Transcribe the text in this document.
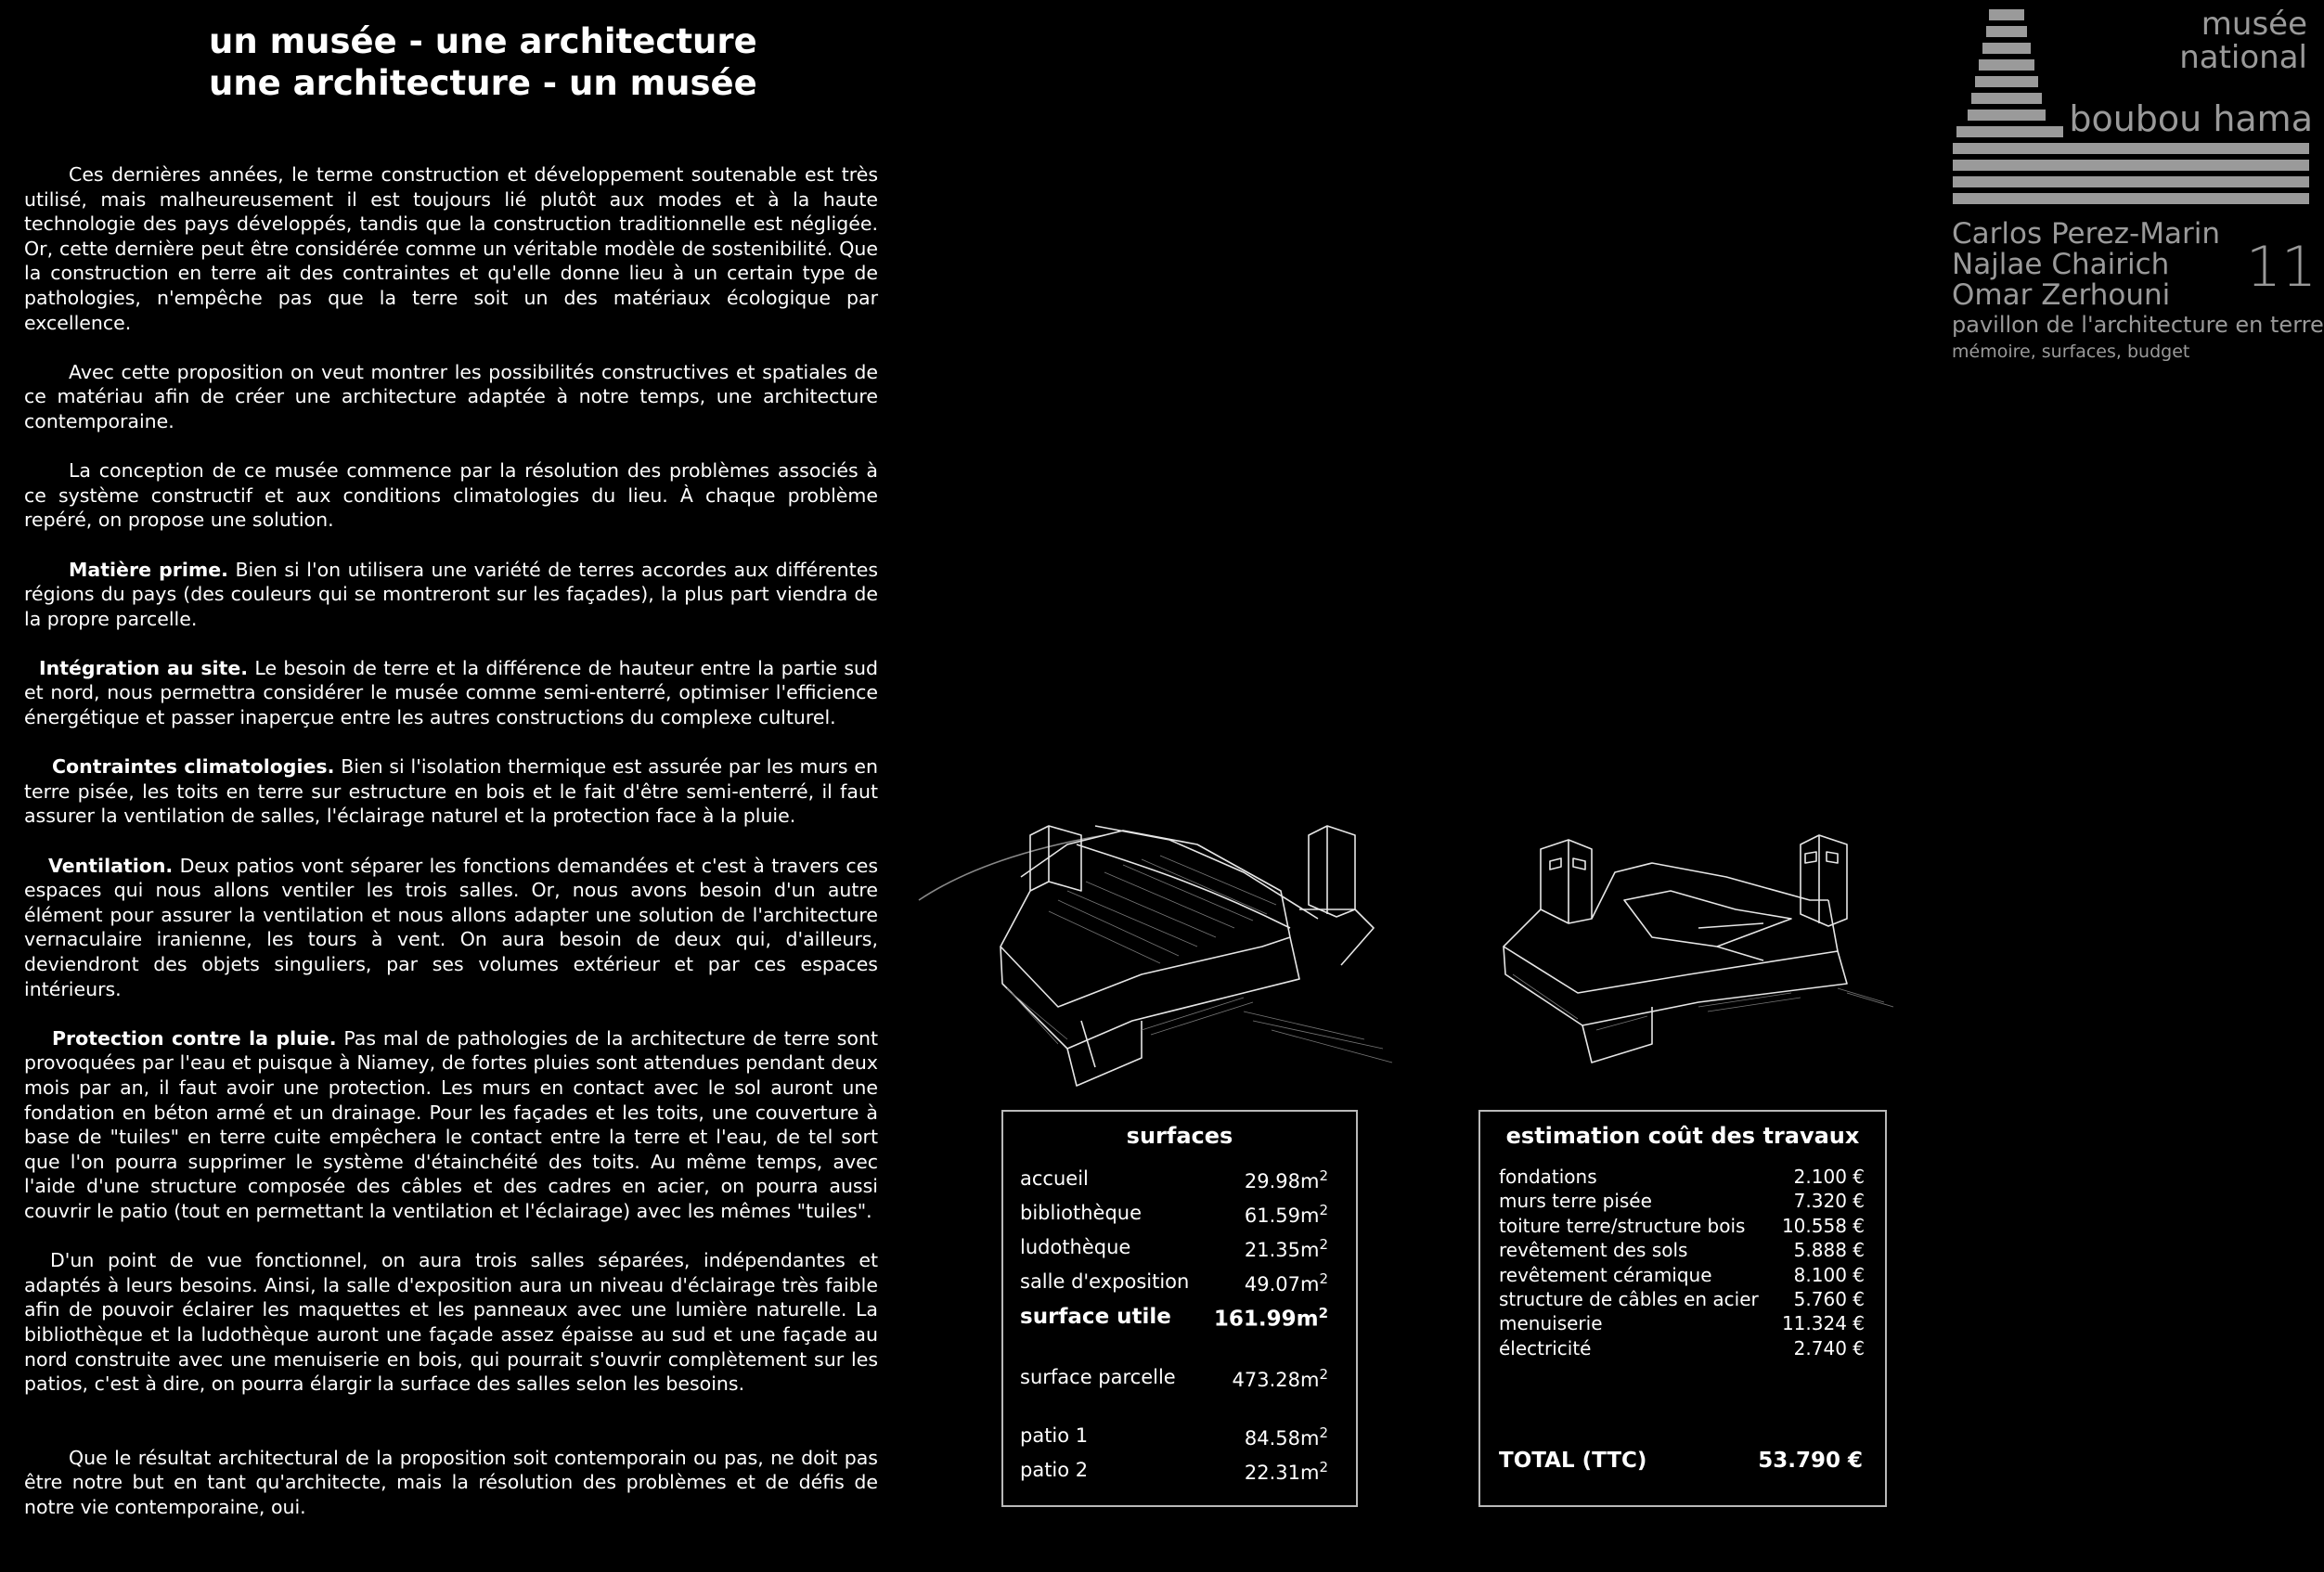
un musée - une architecture
une architecture - un musée

Ces dernières années, le terme construction et développement soutenable est très utilisé, mais malheureusement il est toujours lié plutôt aux modes et à la haute technologie des pays développés, tandis que la construction traditionnelle est négligée. Or, cette dernière peut être considérée comme un véritable modèle de sostenibilité. Que la construction en terre ait des contraintes et qu'elle donne lieu à un certain type de pathologies, n'empêche pas que la terre soit un des matériaux écologique par excellence.

Avec cette proposition on veut montrer les possibilités constructives et spatiales de ce matériau afin de créer une architecture adaptée à notre temps, une architecture contemporaine.

La conception de ce musée commence par la résolution des problèmes associés à ce système constructif et aux conditions climatologies du lieu. À chaque problème repéré, on propose une solution.

Matière prime. Bien si l'on utilisera une variété de terres accordes aux différentes régions du pays (des couleurs qui se montreront sur les façades), la plus part viendra de la propre parcelle.

Intégration au site. Le besoin de terre et la différence de hauteur entre la partie sud et nord, nous permettra considérer le musée comme semi-enterré, optimiser l'efficience énergétique et passer inaperçue entre les autres constructions du complexe culturel.

Contraintes climatologies. Bien si l'isolation thermique est assurée par les murs en terre pisée, les toits en terre sur estructure en bois et le fait d'être semi-enterré, il faut assurer la ventilation de salles, l'éclairage naturel et la protection face à la pluie.

Ventilation. Deux patios vont séparer les fonctions demandées et c'est à travers ces espaces qui nous allons ventiler les trois salles. Or, nous avons besoin d'un autre élément pour assurer la ventilation et nous allons adapter une solution de l'architecture vernaculaire iranienne, les tours à vent. On aura besoin de deux qui, d'ailleurs, deviendront des objets singuliers, par ses volumes extérieur et par ces espaces intérieurs.

Protection contre la pluie. Pas mal de pathologies de la architecture de terre sont provoquées par l'eau et puisque à Niamey, de fortes pluies sont attendues pendant deux mois par an, il faut avoir une protection. Les murs en contact avec le sol auront une fondation en béton armé et un drainage. Pour les façades et les toits, une couverture à base de "tuiles" en terre cuite empêchera le contact entre la terre et l'eau, de tel sort que l'on pourra supprimer le système d'étainchéité des toits. Au même temps, avec l'aide d'une structure composée des câbles et des cadres en acier, on pourra aussi couvrir le patio (tout en permettant la ventilation et l'éclairage) avec les mêmes "tuiles".

D'un point de vue fonctionnel, on aura trois salles séparées, indépendantes et adaptés à leurs besoins. Ainsi, la salle d'exposition aura un niveau d'éclairage très faible afin de pouvoir éclairer les maquettes et les panneaux avec une lumière naturelle. La bibliothèque et la ludothèque auront une façade assez épaisse au sud et une façade au nord construite avec une menuiserie en bois, qui pourrait s'ouvrir complètement sur les patios, c'est à dire, on pourra élargir la surface des salles selon les besoins.

Que le résultat architectural de la proposition soit contemporain ou pas, ne doit pas être notre but en tant qu'architecte, mais la résolution des problèmes et de défis de notre vie contemporaine, oui.

musée
national
boubou hama
Carlos Perez-Marin
Najlae Chairich
Omar Zerhouni
pavillon de l'architecture en terre
mémoire, surfaces, budget
11
surfaces
accueil	$29.98m^2$
bibliothèque	$61.59m^2$
ludothèque	$21.35m^2$
salle d'exposition	$49.07m^2$
surface utile $161.99m^2$
surface parcelle	$473.28m^2$
patio 1	$84.58m^2$
patio 2	$22.31m^2$
estimation coût des travaux
fondations	2.100 €
murs terre pisée	7.320 €
toiture terre/structure bois 10.558 €
revêtement des sols	5.888 €
revêtement céramique	8.100 €
structure de câbles en acier 5.760 €
menuiserie	11.324 €
électricité	2.740 €
TOTAL (TTC)	53.790 €
